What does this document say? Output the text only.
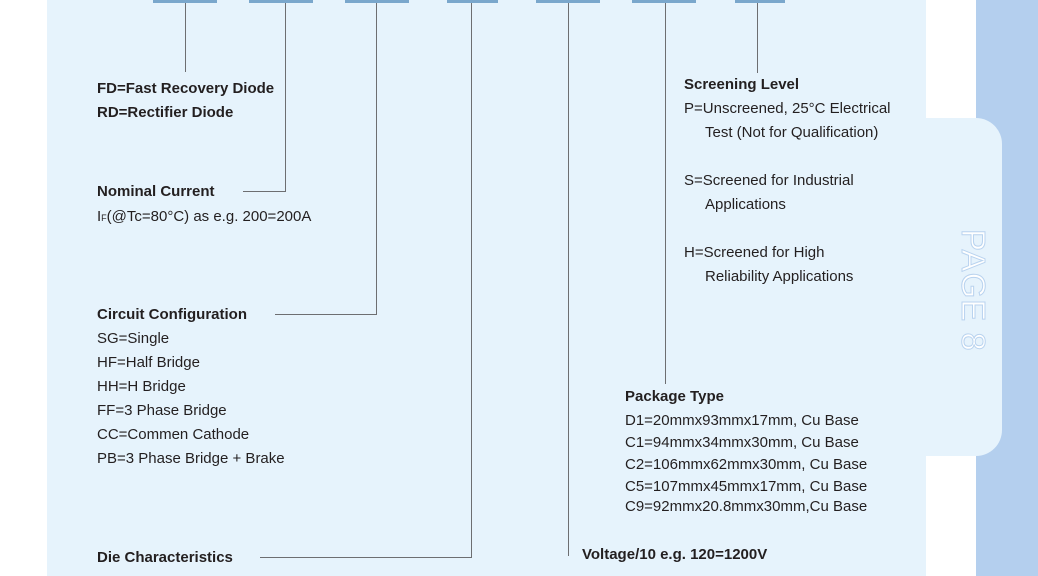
PAGE 8
FD=Fast Recovery Diode
RD=Rectifier Diode
Nominal Current
IF(@Tc=80°C) as e.g. 200=200A
Circuit Configuration
SG=Single
HF=Half Bridge
HH=H Bridge
FF=3 Phase Bridge
CC=Commen Cathode
PB=3 Phase Bridge + Brake
Die Characteristics	Voltage/10 e.g. 120=1200V
Package Type
D1=20mmx93mmx17mm, Cu Base
C1=94mmx34mmx30mm, Cu Base
C2=106mmx62mmx30mm, Cu Base
C5=107mmx45mmx17mm, Cu Base
C9=92mmx20.8mmx30mm,Cu Base
Screening Level
P=Unscreened, 25°C Electrical
Test (Not for Qualification)
S=Screened for Industrial
Applications
H=Screened for High
Reliability Applications
